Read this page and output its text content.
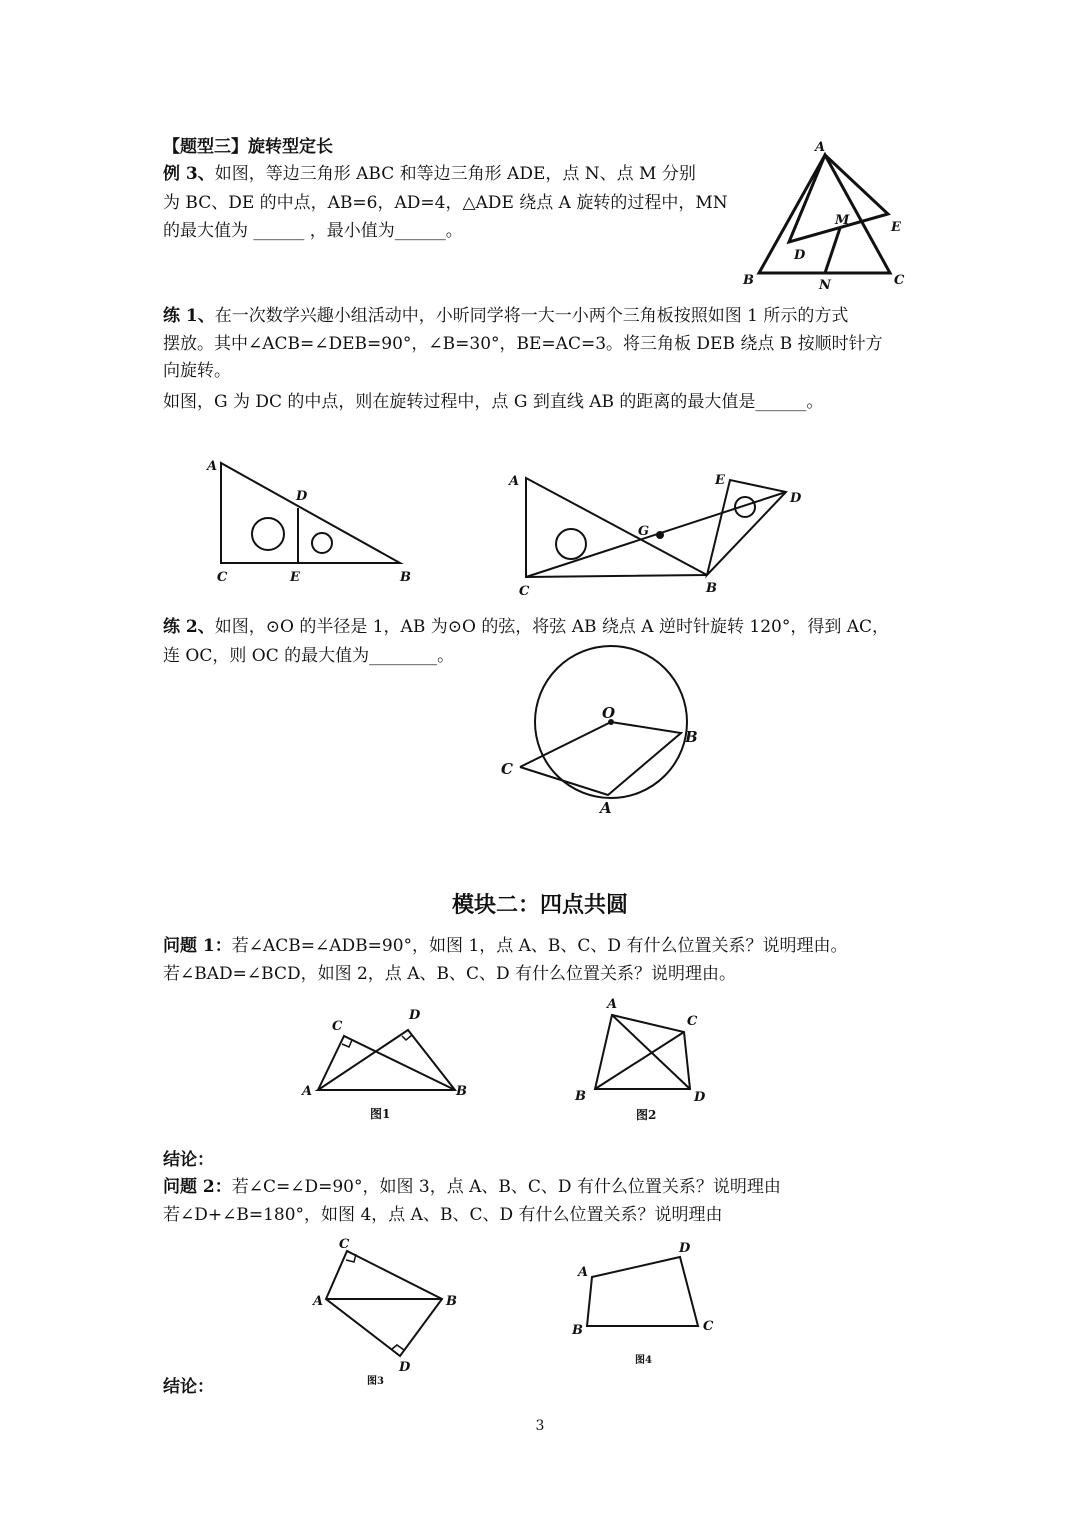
【题型三】旋转型定长
例 3、如图，等边三角形 ABC 和等边三角形 ADE，点 N、点 M 分别
为 BC、DE 的中点，AB=6，AD=4，△ADE 绕点 A 旋转的过程中，MN
的最大值为 ______ ，最小值为______。
A
M	E
D
B	N	C
练 1、在一次数学兴趣小组活动中，小昕同学将一大一小两个三角板按照如图 1 所示的方式
摆放。其中∠ACB=∠DEB=90°，∠B=30°，BE=AC=3。将三角板 DEB 绕点 B 按顺时针方
向旋转。
如图，G 为 DC 的中点，则在旋转过程中，点 G 到直线 AB 的距离的最大值是______。
A
D
C	E	B
A	E
D
G
C	B
练 2、如图，⊙O 的半径是 1，AB 为⊙O 的弦，将弦 AB 绕点 A 逆时针旋转 120°，得到 AC，
连 OC，则 OC 的最大值为________。
O
B
C
A
模块二：四点共圆
问题 1：若∠ACB=∠ADB=90°，如图 1，点 A、B、C、D 有什么位置关系？说明理由。
若∠BAD=∠BCD，如图 2，点 A、B、C、D 有什么位置关系？说明理由。
C
D
A	B
图1
A
C
B	D
图2
结论：
问题 2：若∠C=∠D=90°，如图 3，点 A、B、C、D 有什么位置关系？说明理由
若∠D+∠B=180°，如图 4，点 A、B、C、D 有什么位置关系？说明理由
C
A	B
D
图3
D
A
B	C
图4
结论：
3
